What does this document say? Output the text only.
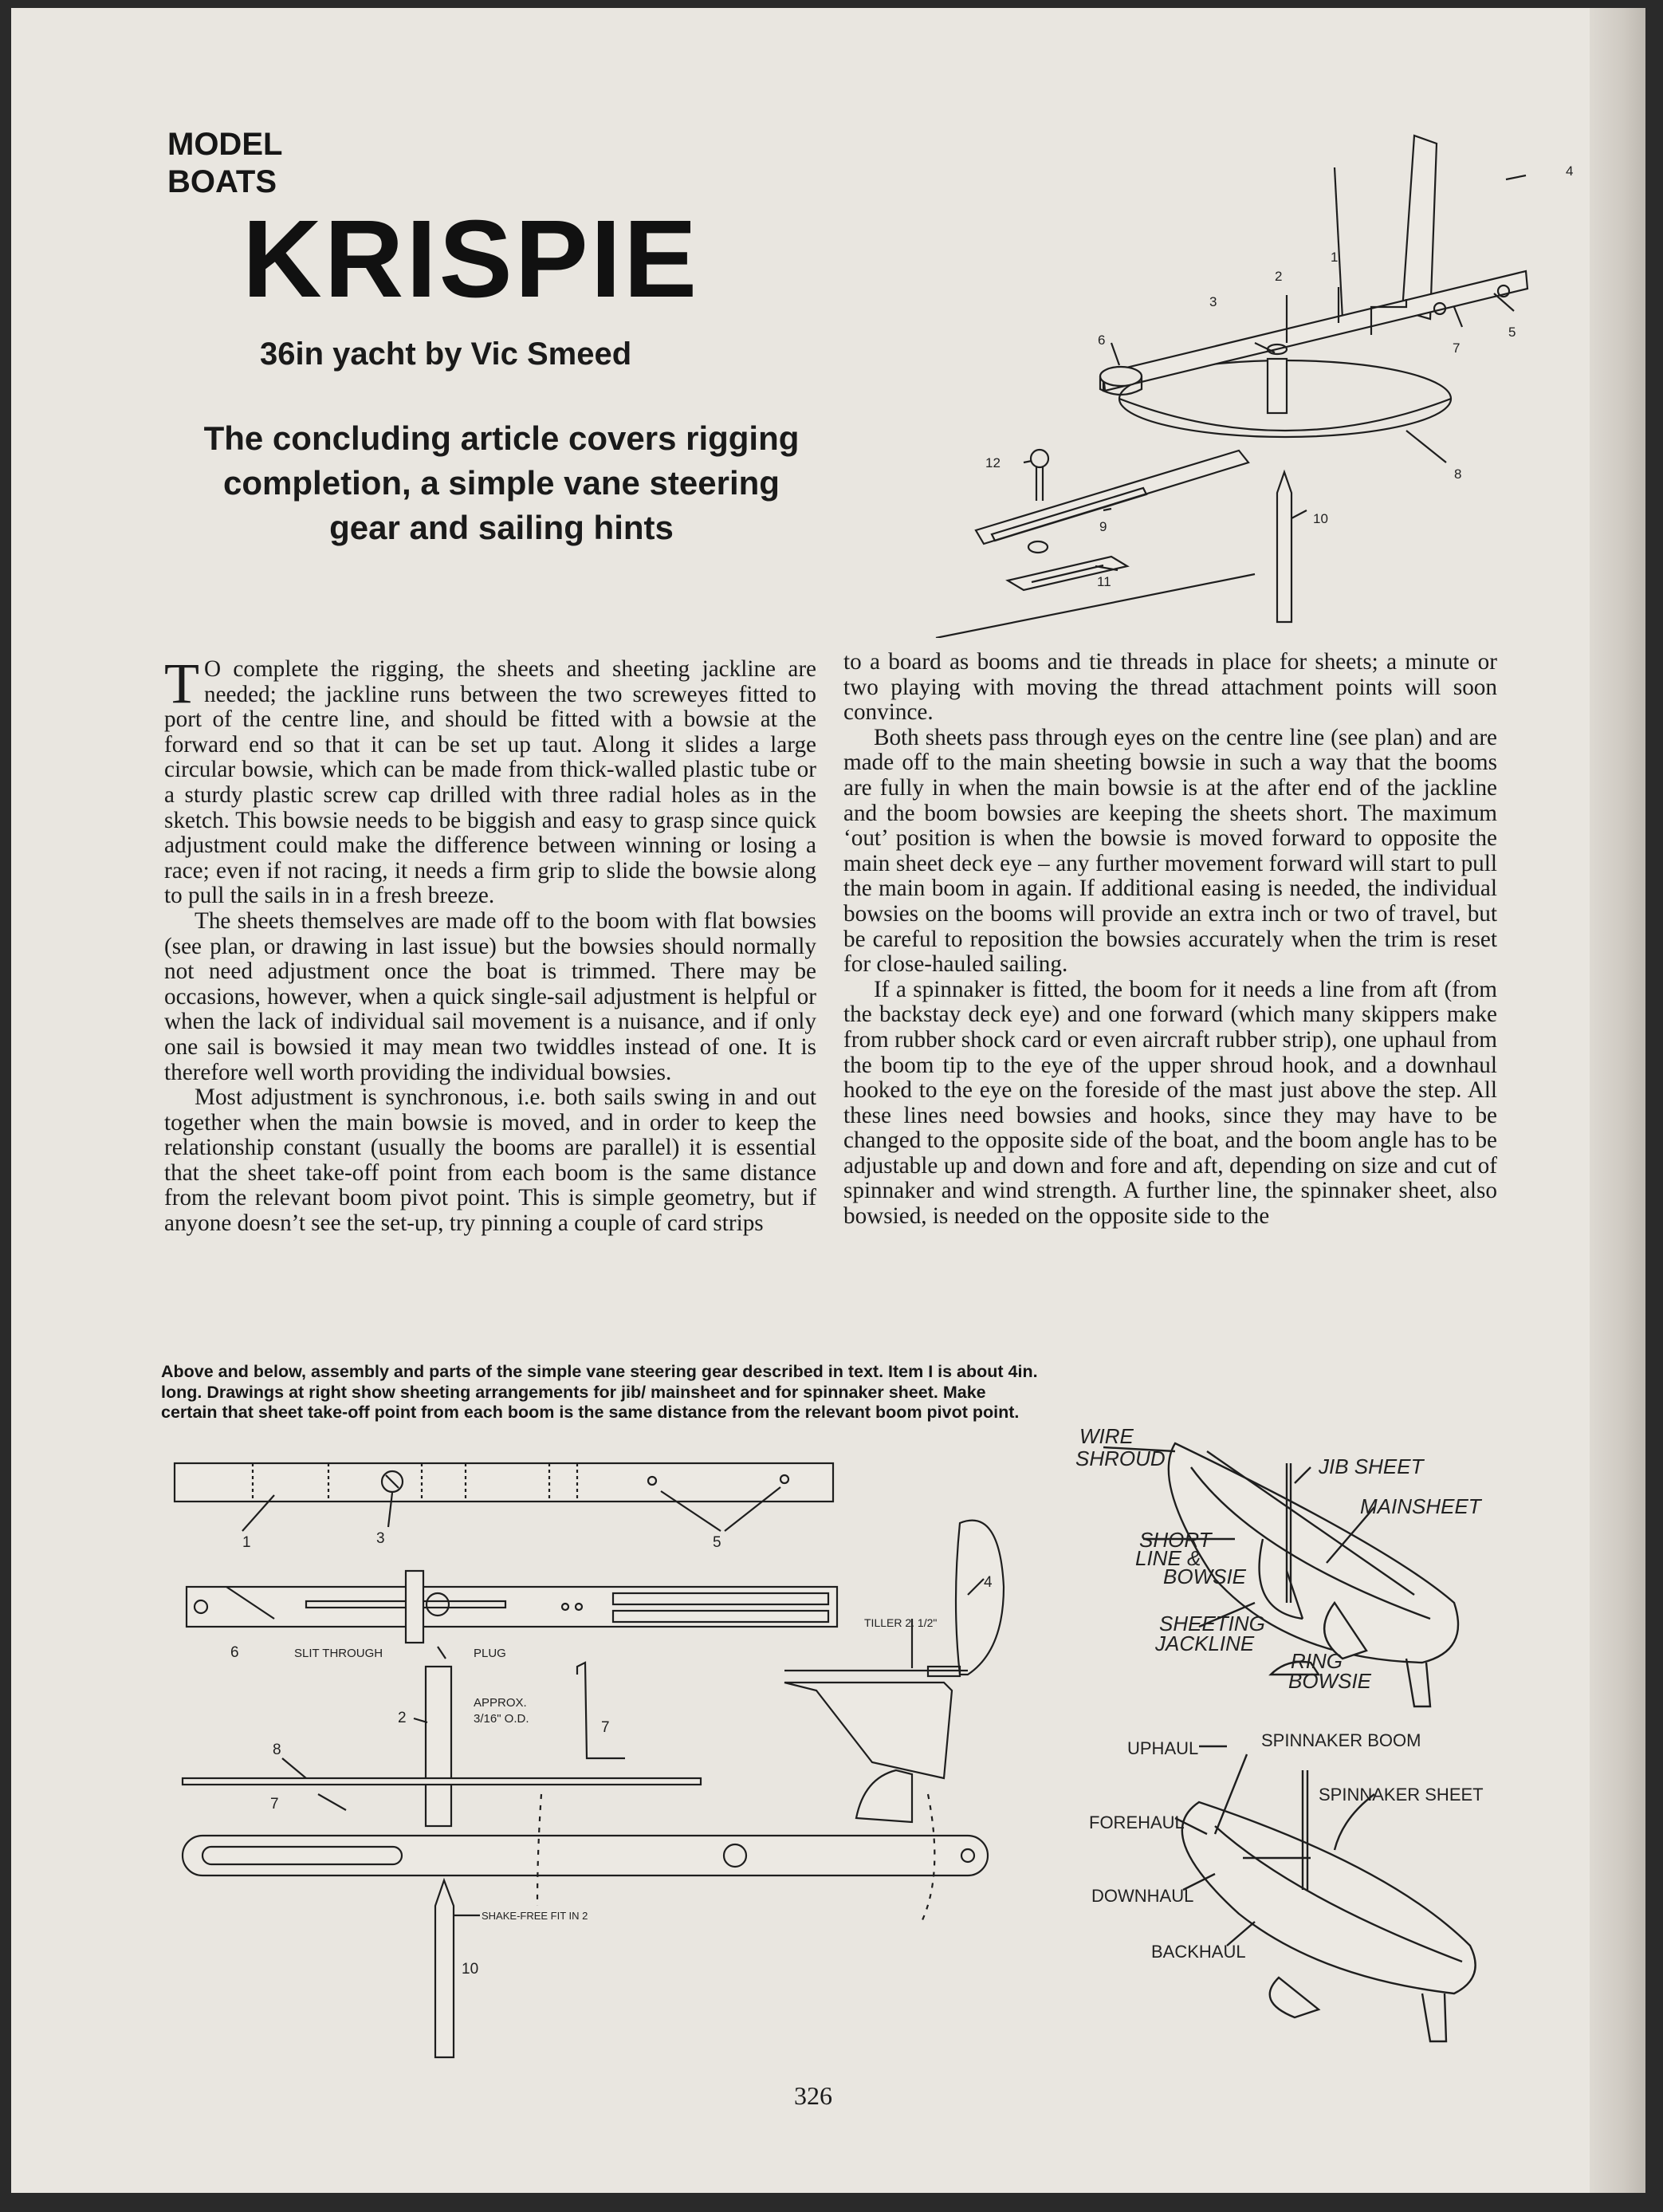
MODEL
BOATS
KRISPIE
36in yacht by Vic Smeed
The concluding article covers rigging completion, a simple vane steering gear and sailing hints
4
1
2
3
5
7
6
8
12
10
9
11

T O complete the rigging, the sheets and sheeting jackline are needed; the jackline runs between the two screweyes fitted to port of the centre line, and should be fitted with a bowsie at the forward end so that it can be set up taut. Along it slides a large circular bowsie, which can be made from thick-walled plastic tube or a sturdy plastic screw cap drilled with three radial holes as in the sketch. This bowsie needs to be biggish and easy to grasp since quick adjustment could make the difference between winning or losing a race; even if not racing, it needs a firm grip to slide the bowsie along to pull the sails in in a fresh breeze.

The sheets themselves are made off to the boom with flat bowsies (see plan, or drawing in last issue) but the bowsies should normally not need adjustment once the boat is trimmed. There may be occasions, however, when a quick single-sail adjustment is helpful or when the lack of individual sail movement is a nuisance, and if only one sail is bowsied it may mean two twiddles instead of one. It is therefore well worth providing the individual bowsies.

Most adjustment is synchronous, i.e. both sails swing in and out together when the main bowsie is moved, and in order to keep the relationship constant (usually the booms are parallel) it is essential that the sheet take-off point from each boom is the same distance from the relevant boom pivot point. This is simple geometry, but if anyone doesn’t see the set-up, try pinning a couple of card strips

to a board as booms and tie threads in place for sheets; a minute or two playing with moving the thread attachment points will soon convince.

Both sheets pass through eyes on the centre line (see plan) and are made off to the main sheeting bowsie in such a way that the booms are fully in when the main bowsie is at the after end of the jackline and the boom bowsies are keeping the sheets short. The maximum ‘out’ position is when the bowsie is moved forward to opposite the main sheet deck eye – any further movement forward will start to pull the main boom in again. If additional easing is needed, the individual bowsies on the booms will provide an extra inch or two of travel, but be careful to reposition the bowsies accurately when the trim is reset for close-hauled sailing.

If a spinnaker is fitted, the boom for it needs a line from aft (from the backstay deck eye) and one forward (which many skippers make from rubber shock card or even aircraft rubber strip), one uphaul from the boom tip to the eye of the upper shroud hook, and a downhaul hooked to the eye on the foreside of the mast just above the step. All these lines need bowsies and hooks, since they may have to be changed to the opposite side of the boat, and the boom angle has to be adjustable up and down and fore and aft, depending on size and cut of spinnaker and wind strength. A further line, the spinnaker sheet, also bowsied, is needed on the opposite side to the

Above and below, assembly and parts of the simple vane steering gear described in text. Item I is about 4in. long. Drawings at right show sheeting arrangements for jib/ mainsheet and for spinnaker sheet. Make certain that sheet take-off point from each boom is the same distance from the relevant boom pivot point.
1	3	5
6	SLIT THROUGH	PLUG
APPROX.
3/16" O.D.
2
7
8
7
4
TILLER 2. 1/2"
SHAKE-FREE FIT IN 2
10
WIRE
SHROUD	JIB SHEET
MAINSHEET
SHORT
LINE &
BOWSIE
SHEETING
JACKLINE
RING
BOWSIE
UPHAUL	SPINNAKER BOOM
SPINNAKER SHEET
FOREHAUL
DOWNHAUL
BACKHAUL
326
